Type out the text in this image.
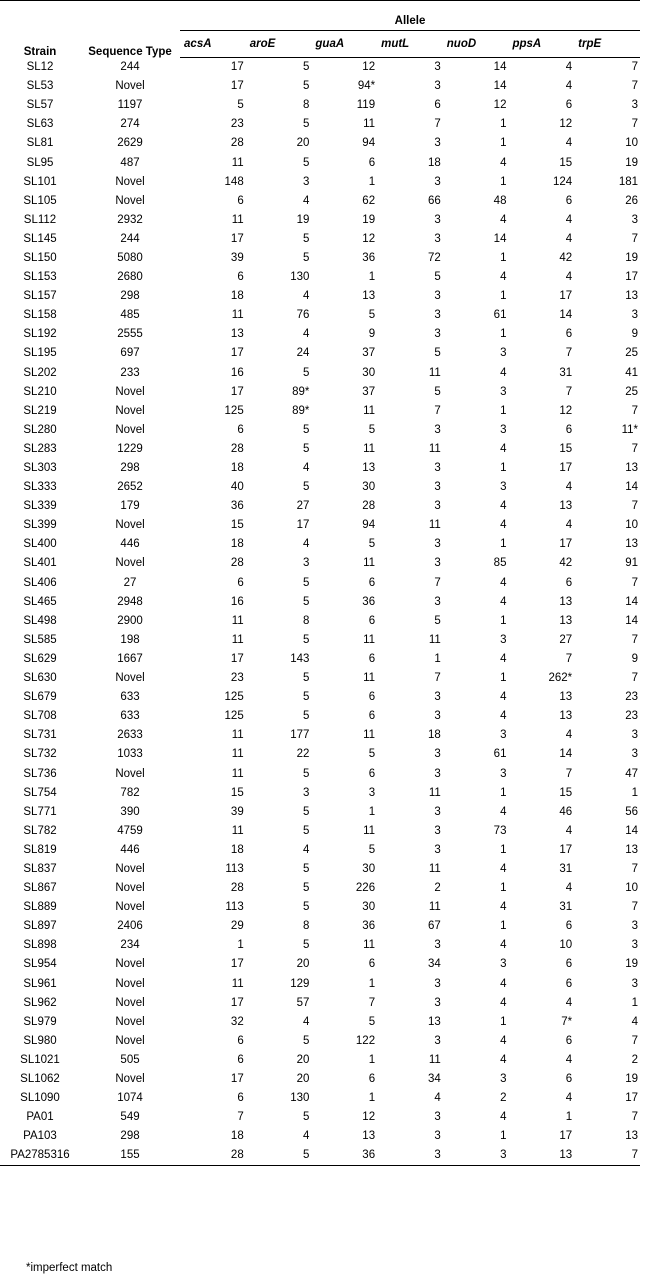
Strain	Sequence Type	Allele						
		acsA	aroE	guaA	mutL	nuoD	ppsA	trpE
SL12	244	17	5	12	3	14	4	7
SL53	Novel	17	5	94*	3	14	4	7
SL57	1197	5	8	119	6	12	6	3
SL63	274	23	5	11	7	1	12	7
SL81	2629	28	20	94	3	1	4	10
SL95	487	11	5	6	18	4	15	19
SL101	Novel	148	3	1	3	1	124	181
SL105	Novel	6	4	62	66	48	6	26
SL112	2932	11	19	19	3	4	4	3
SL145	244	17	5	12	3	14	4	7
SL150	5080	39	5	36	72	1	42	19
SL153	2680	6	130	1	5	4	4	17
SL157	298	18	4	13	3	1	17	13
SL158	485	11	76	5	3	61	14	3
SL192	2555	13	4	9	3	1	6	9
SL195	697	17	24	37	5	3	7	25
SL202	233	16	5	30	11	4	31	41
SL210	Novel	17	89*	37	5	3	7	25
SL219	Novel	125	89*	11	7	1	12	7
SL280	Novel	6	5	5	3	3	6	11*
SL283	1229	28	5	11	11	4	15	7
SL303	298	18	4	13	3	1	17	13
SL333	2652	40	5	30	3	3	4	14
SL339	179	36	27	28	3	4	13	7
SL399	Novel	15	17	94	11	4	4	10
SL400	446	18	4	5	3	1	17	13
SL401	Novel	28	3	11	3	85	42	91
SL406	27	6	5	6	7	4	6	7
SL465	2948	16	5	36	3	4	13	14
SL498	2900	11	8	6	5	1	13	14
SL585	198	11	5	11	11	3	27	7
SL629	1667	17	143	6	1	4	7	9
SL630	Novel	23	5	11	7	1	262*	7
SL679	633	125	5	6	3	4	13	23
SL708	633	125	5	6	3	4	13	23
SL731	2633	11	177	11	18	3	4	3
SL732	1033	11	22	5	3	61	14	3
SL736	Novel	11	5	6	3	3	7	47
SL754	782	15	3	3	11	1	15	1
SL771	390	39	5	1	3	4	46	56
SL782	4759	11	5	11	3	73	4	14
SL819	446	18	4	5	3	1	17	13
SL837	Novel	113	5	30	11	4	31	7
SL867	Novel	28	5	226	2	1	4	10
SL889	Novel	113	5	30	11	4	31	7
SL897	2406	29	8	36	67	1	6	3
SL898	234	1	5	11	3	4	10	3
SL954	Novel	17	20	6	34	3	6	19
SL961	Novel	11	129	1	3	4	6	3
SL962	Novel	17	57	7	3	4	4	1
SL979	Novel	32	4	5	13	1	7*	4
SL980	Novel	6	5	122	3	4	6	7
SL1021	505	6	20	1	11	4	4	2
SL1062	Novel	17	20	6	34	3	6	19
SL1090	1074	6	130	1	4	2	4	17
PA01	549	7	5	12	3	4	1	7
PA103	298	18	4	13	3	1	17	13
PA2785316	155	28	5	36	3	3	13	7
*imperfect match
